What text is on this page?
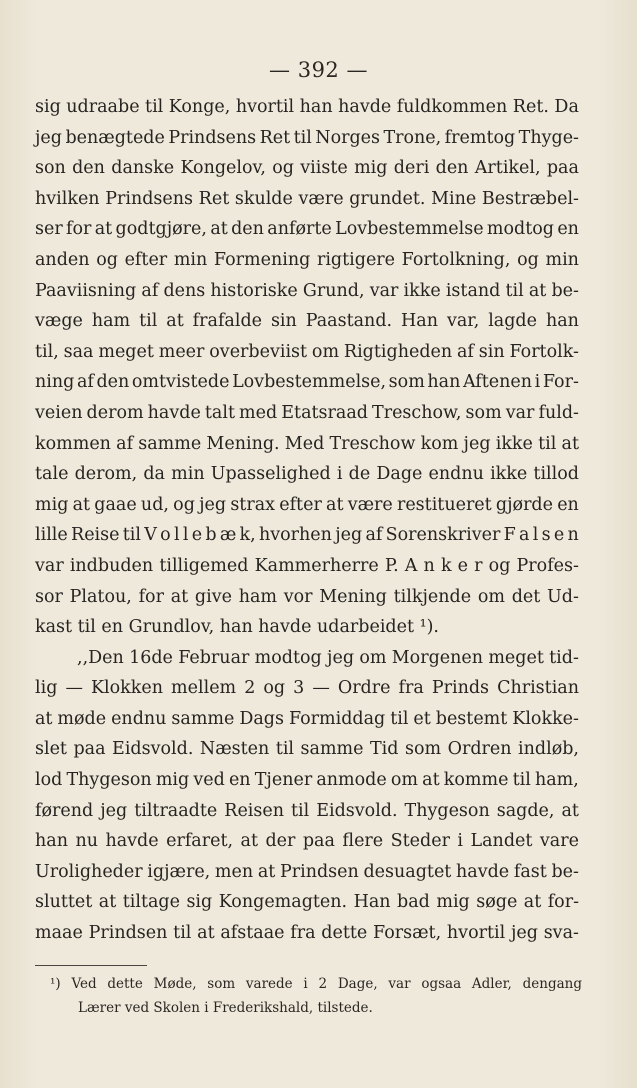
— 392 —
sig udraabe til Konge, hvortil han havde fuldkommen Ret. Da
jeg benægtede Prindsens Ret til Norges Trone, fremtog Thyge-
son den danske Kongelov, og viiste mig deri den Artikel, paa
hvilken Prindsens Ret skulde være grundet. Mine Bestræbel-
ser for at godtgjøre, at den anførte Lovbestemmelse modtog en
anden og efter min Formening rigtigere Fortolkning, og min
Paaviisning af dens historiske Grund, var ikke istand til at be-
væge ham til at frafalde sin Paastand. Han var, lagde han
til, saa meget meer overbeviist om Rigtigheden af sin Fortolk-
ning af den omtvistede Lovbestemmelse, som han Aftenen i For-
veien derom havde talt med Etatsraad Treschow, som var fuld-
kommen af samme Mening. Med Treschow kom jeg ikke til at
tale derom, da min Upasselighed i de Dage endnu ikke tillod
mig at gaae ud, og jeg strax efter at være restitueret gjørde en
lille Reise til V o l l e b æ k, hvorhen jeg af Sorenskriver F a l s e n
var indbuden tilligemed Kammerherre P. A n k e r og Profes-
sor Platou, for at give ham vor Mening tilkjende om det Ud-
kast til en Grundlov, han havde udarbeidet ¹).
,,Den 16de Februar modtog jeg om Morgenen meget tid-
lig — Klokken mellem 2 og 3 — Ordre fra Prinds Christian
at møde endnu samme Dags Formiddag til et bestemt Klokke-
slet paa Eidsvold. Næsten til samme Tid som Ordren indløb,
lod Thygeson mig ved en Tjener anmode om at komme til ham,
førend jeg tiltraadte Reisen til Eidsvold. Thygeson sagde, at
han nu havde erfaret, at der paa flere Steder i Landet vare
Uroligheder igjære, men at Prindsen desuagtet havde fast be-
sluttet at tiltage sig Kongemagten. Han bad mig søge at for-
maae Prindsen til at afstaae fra dette Forsæt, hvortil jeg sva-
¹) Ved dette Møde, som varede i 2 Dage, var ogsaa Adler, dengang
Lærer ved Skolen i Frederikshald, tilstede.
